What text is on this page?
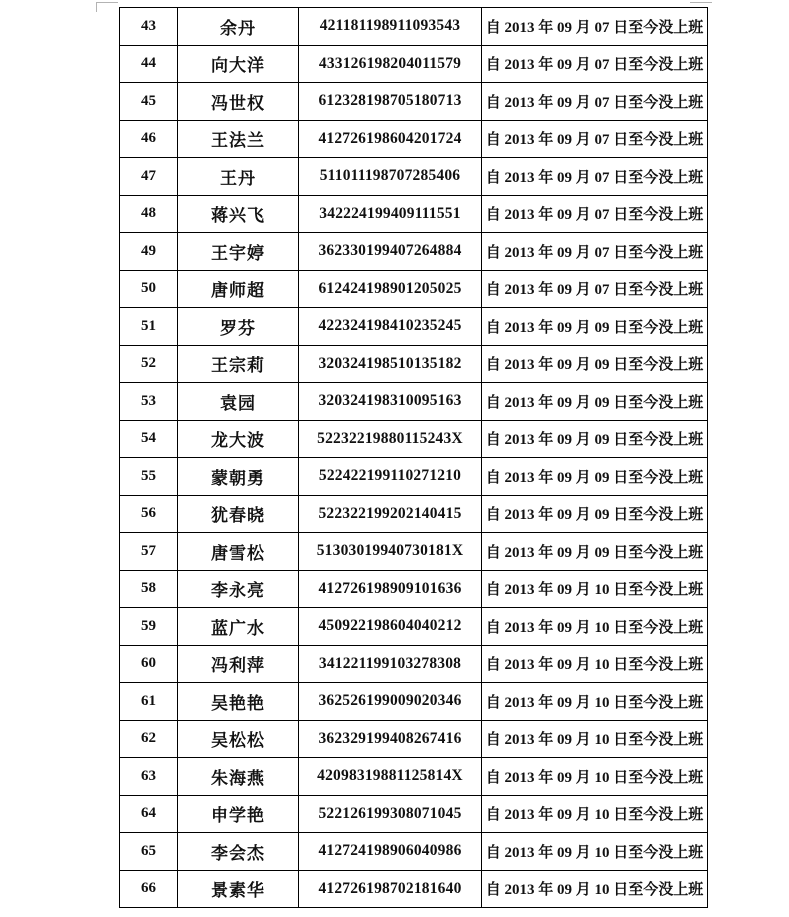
43	余丹	421181198911093543	自 2013 年 09 月 07 日至今没上班
44	向大洋	433126198204011579	自 2013 年 09 月 07 日至今没上班
45	冯世权	612328198705180713	自 2013 年 09 月 07 日至今没上班
46	王法兰	412726198604201724	自 2013 年 09 月 07 日至今没上班
47	王丹	511011198707285406	自 2013 年 09 月 07 日至今没上班
48	蒋兴飞	342224199409111551	自 2013 年 09 月 07 日至今没上班
49	王宇婷	362330199407264884	自 2013 年 09 月 07 日至今没上班
50	唐师超	612424198901205025	自 2013 年 09 月 07 日至今没上班
51	罗芬	422324198410235245	自 2013 年 09 月 09 日至今没上班
52	王宗莉	320324198510135182	自 2013 年 09 月 09 日至今没上班
53	袁园	320324198310095163	自 2013 年 09 月 09 日至今没上班
54	龙大波	52232219880115243X	自 2013 年 09 月 09 日至今没上班
55	蒙朝勇	522422199110271210	自 2013 年 09 月 09 日至今没上班
56	犹春晓	522322199202140415	自 2013 年 09 月 09 日至今没上班
57	唐雪松	51303019940730181X	自 2013 年 09 月 09 日至今没上班
58	李永亮	412726198909101636	自 2013 年 09 月 10 日至今没上班
59	蓝广水	450922198604040212	自 2013 年 09 月 10 日至今没上班
60	冯利萍	341221199103278308	自 2013 年 09 月 10 日至今没上班
61	吴艳艳	362526199009020346	自 2013 年 09 月 10 日至今没上班
62	吴松松	362329199408267416	自 2013 年 09 月 10 日至今没上班
63	朱海燕	42098319881125814X	自 2013 年 09 月 10 日至今没上班
64	申学艳	522126199308071045	自 2013 年 09 月 10 日至今没上班
65	李会杰	412724198906040986	自 2013 年 09 月 10 日至今没上班
66	景素华	412726198702181640	自 2013 年 09 月 10 日至今没上班
